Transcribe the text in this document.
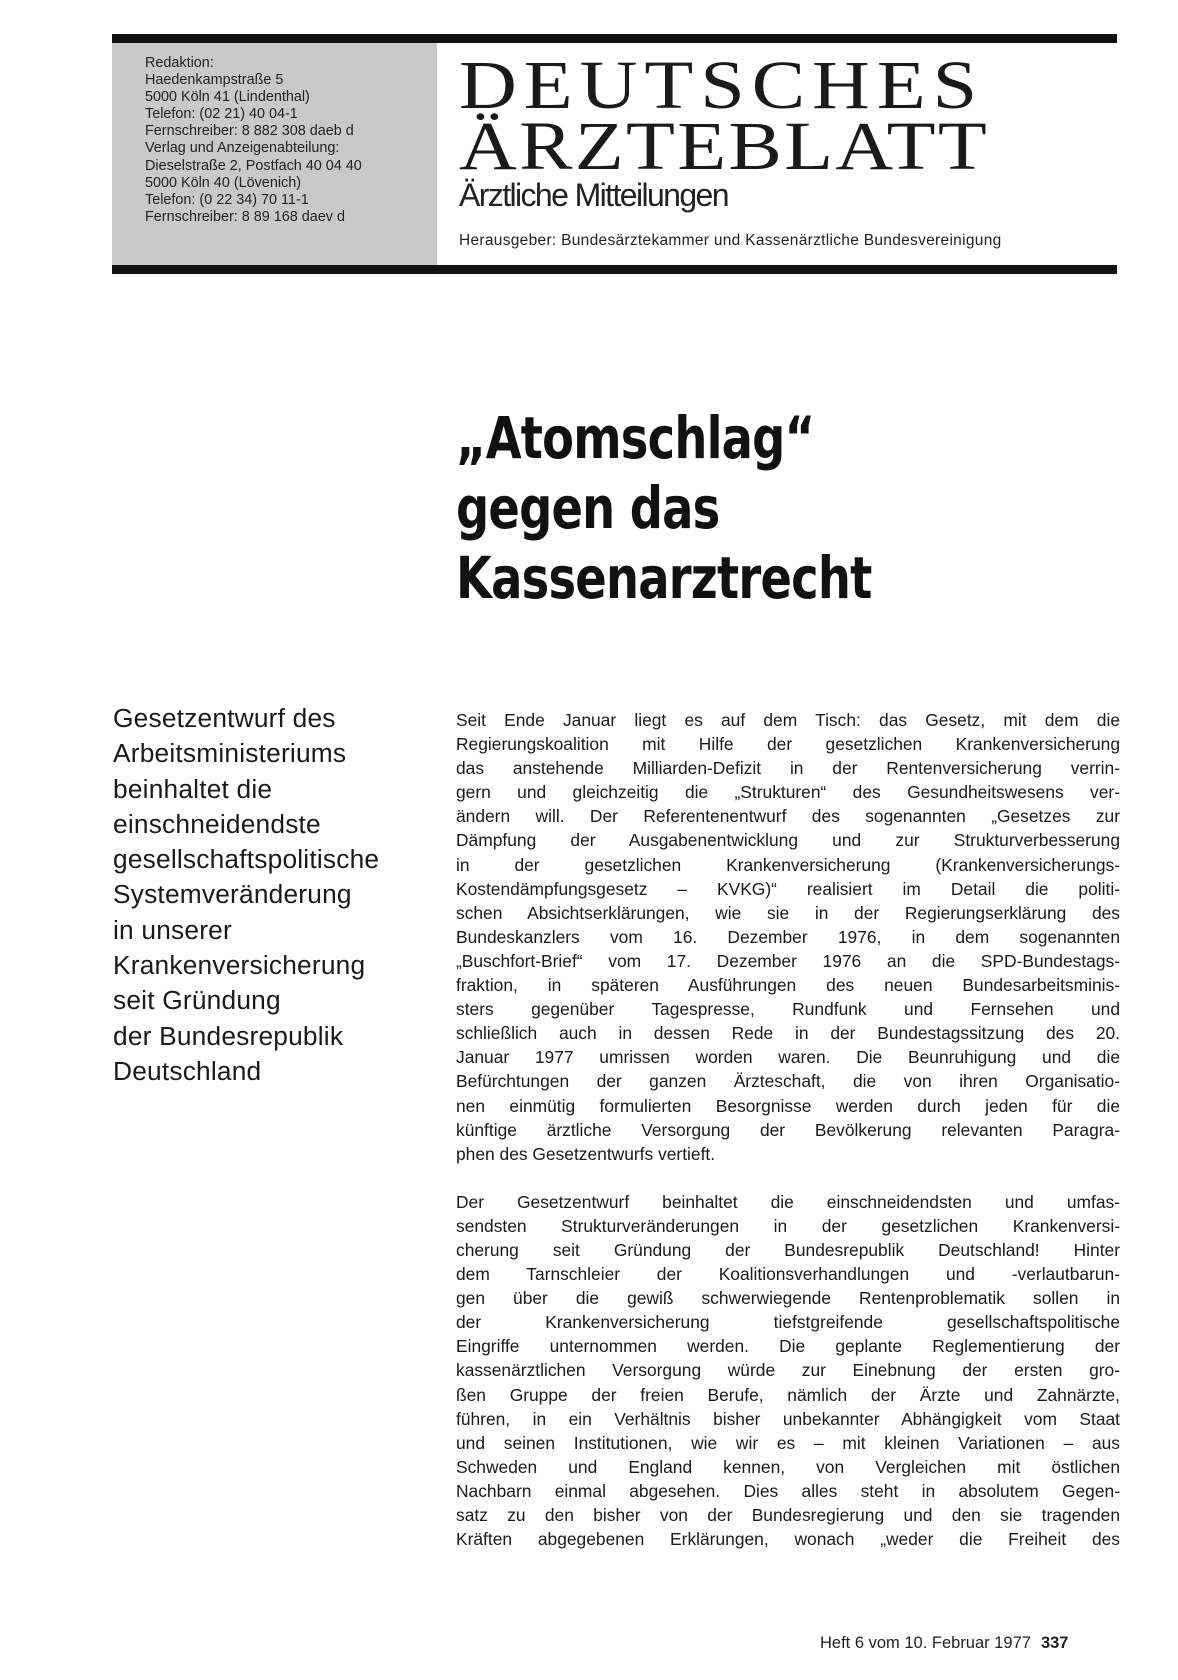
Redaktion:
Haedenkampstraße 5
5000 Köln 41 (Lindenthal)
Telefon: (02 21) 40 04-1
Fernschreiber: 8 882 308 daeb d
Verlag und Anzeigenabteilung:
Dieselstraße 2, Postfach 40 04 40
5000 Köln 40 (Lövenich)
Telefon: (0 22 34) 70 11-1
Fernschreiber: 8 89 168 daev d
DEUTSCHES
ÄRZTEBLATT
Ärztliche Mitteilungen
Herausgeber: Bundesärztekammer und Kassenärztliche Bundesvereinigung
„Atomschlag“
gegen das
Kassenarztrecht
Gesetzentwurf des
Arbeitsministeriums
beinhaltet die
einschneidendste
gesellschaftspolitische
Systemveränderung
in unserer
Krankenversicherung
seit Gründung
der Bundesrepublik
Deutschland

Seit Ende Januar liegt es auf dem Tisch: das Gesetz, mit dem die
Regierungskoalition mit Hilfe der gesetzlichen Krankenversicherung
das anstehende Milliarden-Defizit in der Rentenversicherung verrin-
gern und gleichzeitig die „Strukturen“ des Gesundheitswesens ver-
ändern will. Der Referentenentwurf des sogenannten „Gesetzes zur
Dämpfung der Ausgabenentwicklung und zur Strukturverbesserung
in der gesetzlichen Krankenversicherung (Krankenversicherungs-
Kostendämpfungsgesetz – KVKG)“ realisiert im Detail die politi-
schen Absichtserklärungen, wie sie in der Regierungserklärung des
Bundeskanzlers vom 16. Dezember 1976, in dem sogenannten
„Buschfort-Brief“ vom 17. Dezember 1976 an die SPD-Bundestags-
fraktion, in späteren Ausführungen des neuen Bundesarbeitsminis-
sters gegenüber Tagespresse, Rundfunk und Fernsehen und
schließlich auch in dessen Rede in der Bundestagssitzung des 20.
Januar 1977 umrissen worden waren. Die Beunruhigung und die
Befürchtungen der ganzen Ärzteschaft, die von ihren Organisatio-
nen einmütig formulierten Besorgnisse werden durch jeden für die
künftige ärztliche Versorgung der Bevölkerung relevanten Paragra-
phen des Gesetzentwurfs vertieft.

Der Gesetzentwurf beinhaltet die einschneidendsten und umfas-
sendsten Strukturveränderungen in der gesetzlichen Krankenversi-
cherung seit Gründung der Bundesrepublik Deutschland! Hinter
dem Tarnschleier der Koalitionsverhandlungen und -verlautbarun-
gen über die gewiß schwerwiegende Rentenproblematik sollen in
der Krankenversicherung tiefstgreifende gesellschaftspolitische
Eingriffe unternommen werden. Die geplante Reglementierung der
kassenärztlichen Versorgung würde zur Einebnung der ersten gro-
ßen Gruppe der freien Berufe, nämlich der Ärzte und Zahnärzte,
führen, in ein Verhältnis bisher unbekannter Abhängigkeit vom Staat
und seinen Institutionen, wie wir es – mit kleinen Variationen – aus
Schweden und England kennen, von Vergleichen mit östlichen
Nachbarn einmal abgesehen. Dies alles steht in absolutem Gegen-
satz zu den bisher von der Bundesregierung und den sie tragenden
Kräften abgegebenen Erklärungen, wonach „weder die Freiheit des

Heft 6 vom 10. Februar 1977 337
